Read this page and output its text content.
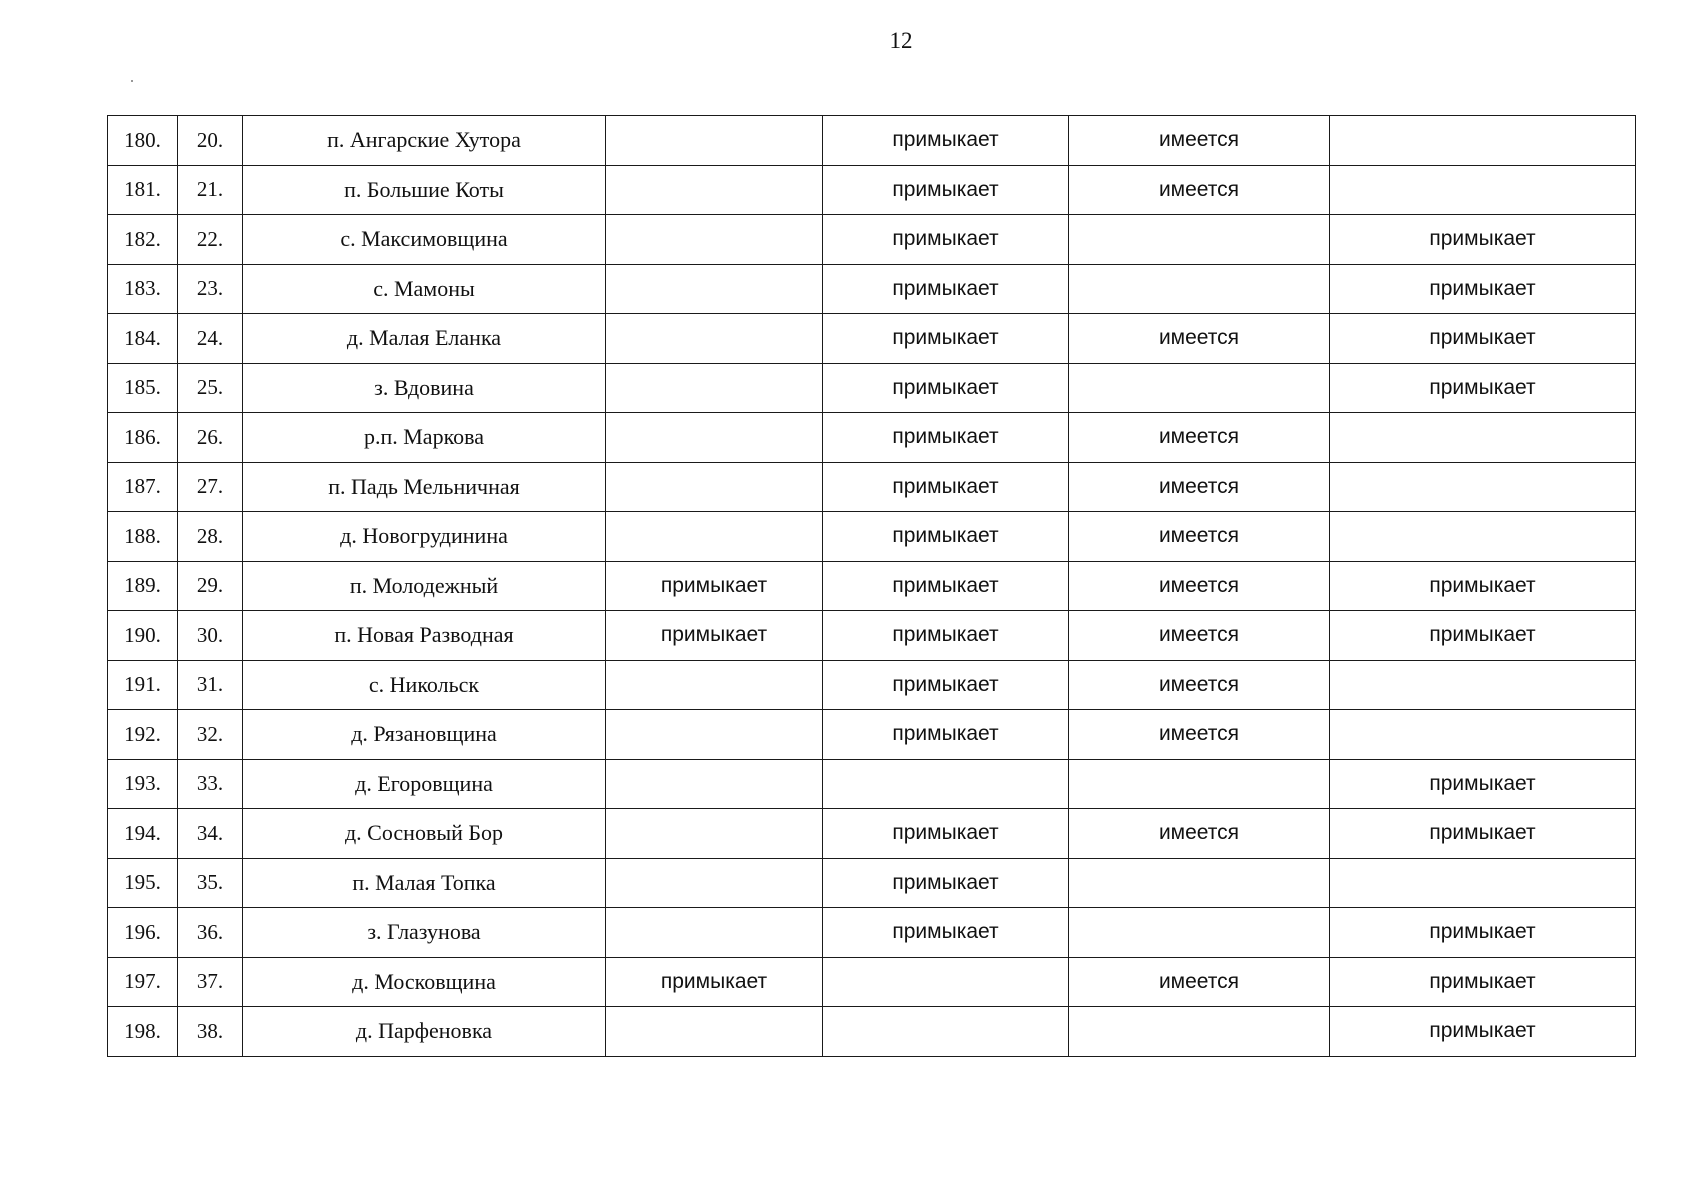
12
180.	20.	п. Ангарские Хутора		примыкает	имеется	
181.	21.	п. Большие Коты		примыкает	имеется	
182.	22.	с. Максимовщина		примыкает		примыкает
183.	23.	с. Мамоны		примыкает		примыкает
184.	24.	д. Малая Еланка		примыкает	имеется	примыкает
185.	25.	з. Вдовина		примыкает		примыкает
186.	26.	р.п. Маркова		примыкает	имеется	
187.	27.	п. Падь Мельничная		примыкает	имеется	
188.	28.	д. Новогрудинина		примыкает	имеется	
189.	29.	п. Молодежный	примыкает	примыкает	имеется	примыкает
190.	30.	п. Новая Разводная	примыкает	примыкает	имеется	примыкает
191.	31.	с. Никольск		примыкает	имеется	
192.	32.	д. Рязановщина		примыкает	имеется	
193.	33.	д. Егоровщина				примыкает
194.	34.	д. Сосновый Бор		примыкает	имеется	примыкает
195.	35.	п. Малая Топка		примыкает		
196.	36.	з. Глазунова		примыкает		примыкает
197.	37.	д. Московщина	примыкает		имеется	примыкает
198.	38.	д. Парфеновка				примыкает
